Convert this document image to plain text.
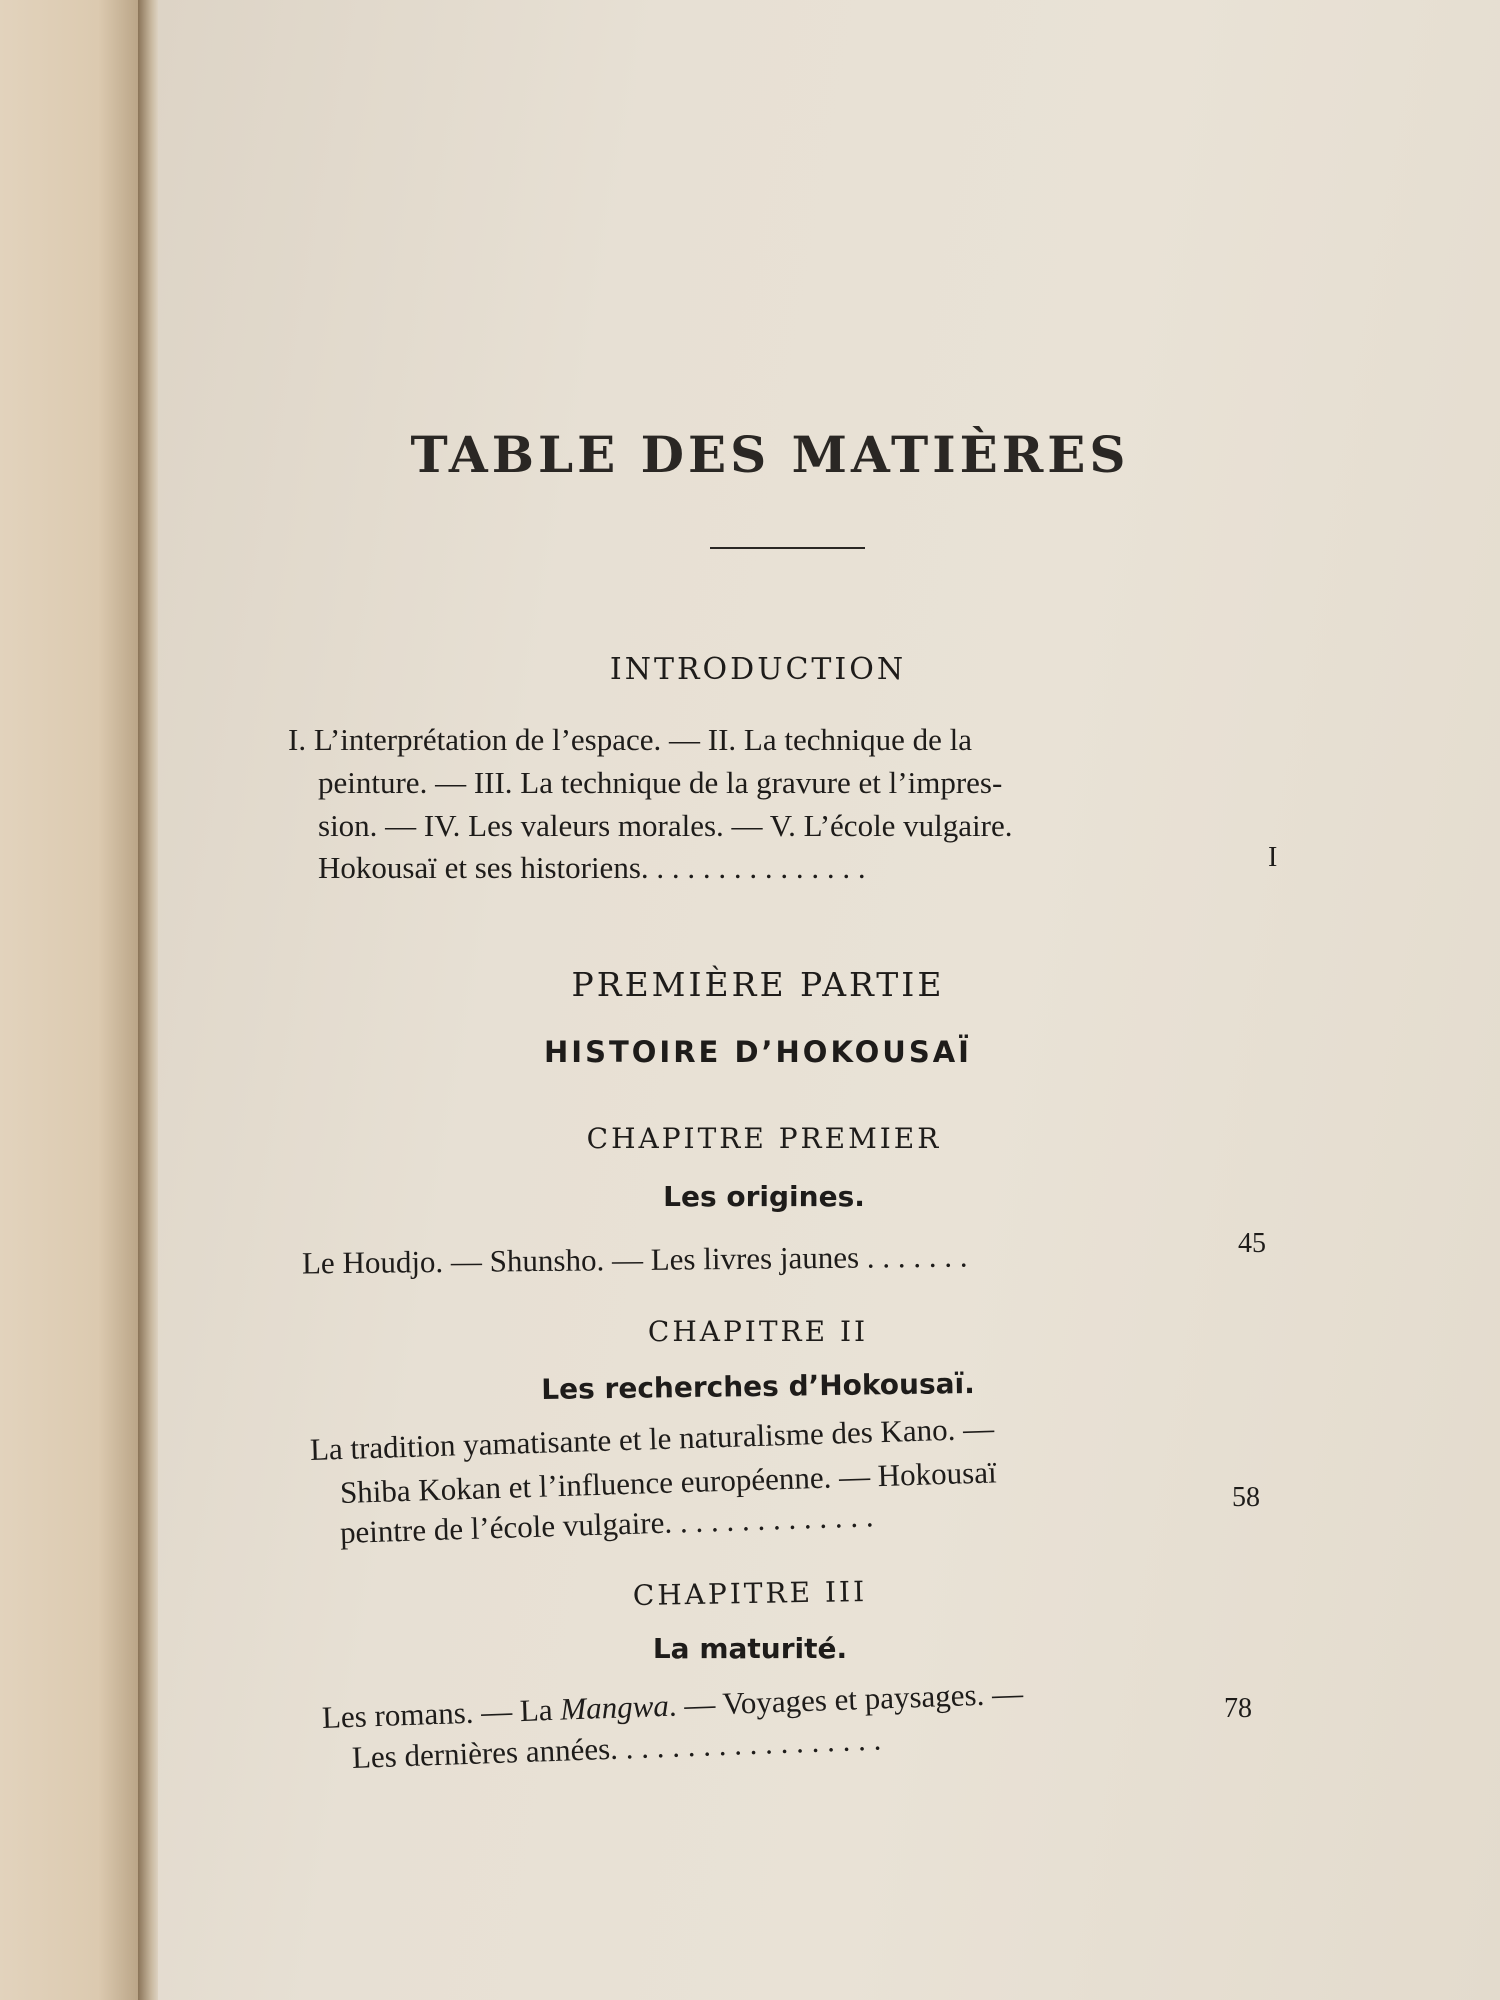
TABLE DES MATIÈRES
INTRODUCTION
I. L’interprétation de l’espace. — II. La technique de la
peinture. — III. La technique de la gravure et l’impres-
sion. — IV. Les valeurs morales. — V. L’école vulgaire.
Hokousaï et ses historiens. . . . . . . . . . . . . . .	I
PREMIÈRE PARTIE
HISTOIRE D’HOKOUSAÏ
CHAPITRE PREMIER
Les origines.
Le Houdjo. — Shunsho. — Les livres jaunes . . . . . . .	45
CHAPITRE II
Les recherches d’Hokousaï.
La tradition yamatisante et le naturalisme des Kano. —
Shiba Kokan et l’influence européenne. — Hokousaï
peintre de l’école vulgaire. . . . . . . . . . . . . .
58
CHAPITRE III
La maturité.
Les romans. — La Mangwa. — Voyages et paysages. —
Les dernières années. . . . . . . . . . . . . . . . . .
78
